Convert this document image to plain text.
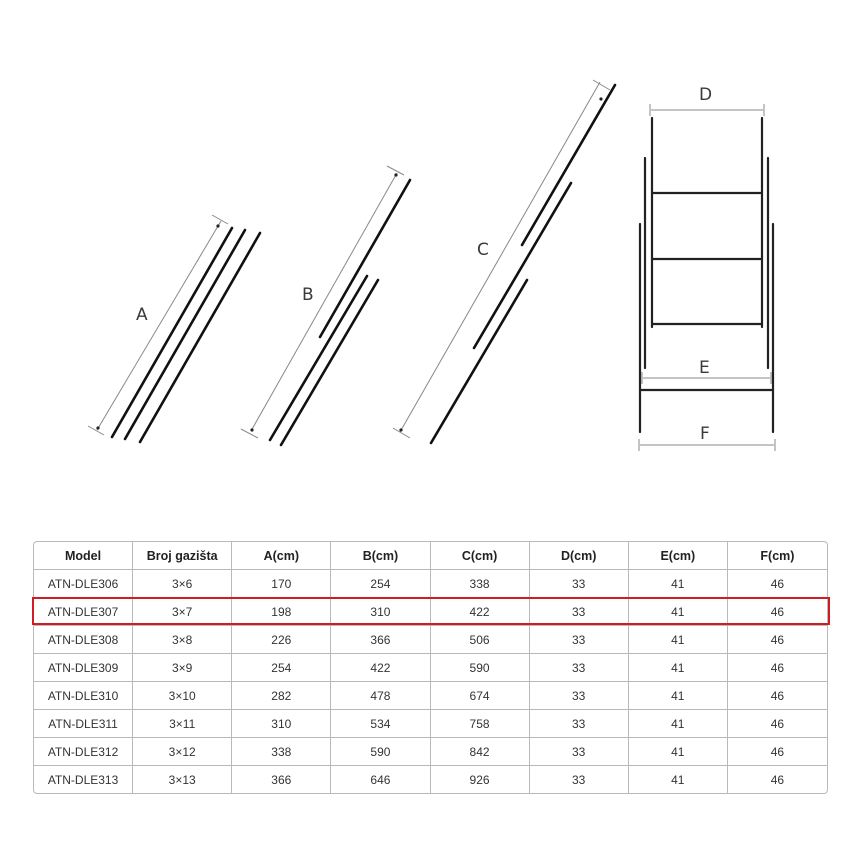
A
B
C
D
E
F
Model	Broj gazišta	A(cm)	B(cm)	C(cm)	D(cm)	E(cm)	F(cm)
ATN-DLE306	3×6	170	254	338	33	41	46
ATN-DLE307	3×7	198	310	422	33	41	46
ATN-DLE308	3×8	226	366	506	33	41	46
ATN-DLE309	3×9	254	422	590	33	41	46
ATN-DLE310	3×10	282	478	674	33	41	46
ATN-DLE311	3×11	310	534	758	33	41	46
ATN-DLE312	3×12	338	590	842	33	41	46
ATN-DLE313	3×13	366	646	926	33	41	46
